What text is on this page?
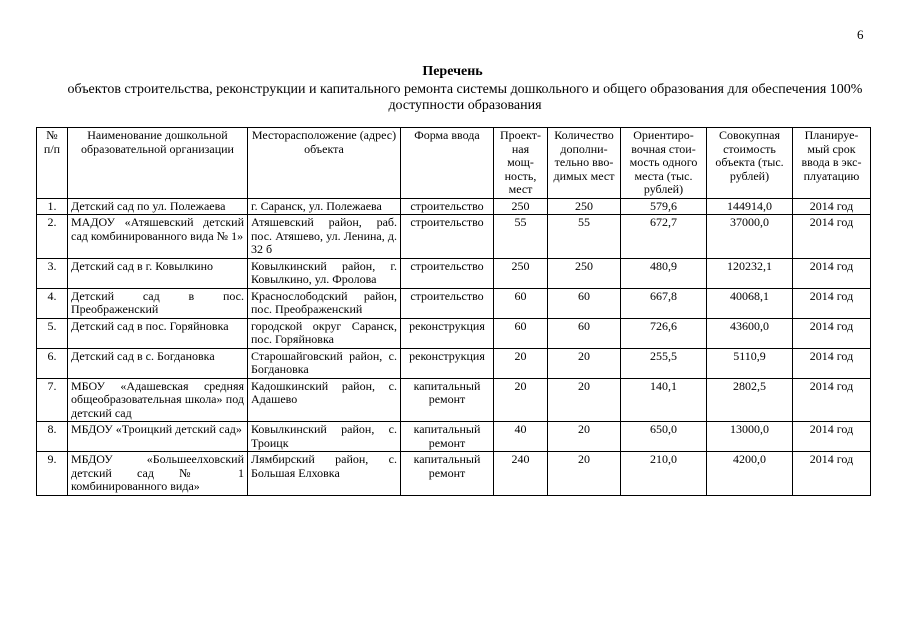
6
Перечень
объектов строительства, реконструкции и капитального ремонта системы дошкольного и общего образования для обеспечения 100% доступности образования
№ п/п	Наименование дошкольной образовательной организации	Месторасположение (адрес) объекта	Форма ввода	Проект-ная мощ-ность, мест	Количество дополни-тельно вво-димых мест	Ориентиро-вочная стои-мость одного места (тыс. рублей)	Совокупная стоимость объекта (тыс. рублей)	Планируе-мый срок ввода в экс-плуатацию
1.	Детский сад по ул. Полежаева	г. Саранск, ул. Полежаева	строительство	250	250	579,6	144914,0	2014 год
2.	МАДОУ «Атяшевский детский сад комбинированного вида № 1»	Атяшевский район, раб. пос. Атяшево, ул. Ленина, д. 32 б	строительство	55	55	672,7	37000,0	2014 год
3.	Детский сад в г. Ковылкино	Ковылкинский район, г. Ковылкино, ул. Фролова	строительство	250	250	480,9	120232,1	2014 год
4.	Детский сад в пос. Преображенский	Краснослободский район, пос. Преображенский	строительство	60	60	667,8	40068,1	2014 год
5.	Детский сад в пос. Горяйновка	городской округ Саранск, пос. Горяйновка	реконструкция	60	60	726,6	43600,0	2014 год
6.	Детский сад в с. Богдановка	Старошайговский район, с. Богдановка	реконструкция	20	20	255,5	5110,9	2014 год
7.	МБОУ «Адашевская средняя общеобразовательная школа» под детский сад	Кадошкинский район, с. Адашево	капитальный ремонт	20	20	140,1	2802,5	2014 год
8.	МБДОУ «Троицкий детский сад»	Ковылкинский район, с. Троицк	капитальный ремонт	40	20	650,0	13000,0	2014 год
9.	МБДОУ «Большеелховский детский сад № 1 комбинированного вида»	Лямбирский район, с. Большая Елховка	капитальный ремонт	240	20	210,0	4200,0	2014 год
